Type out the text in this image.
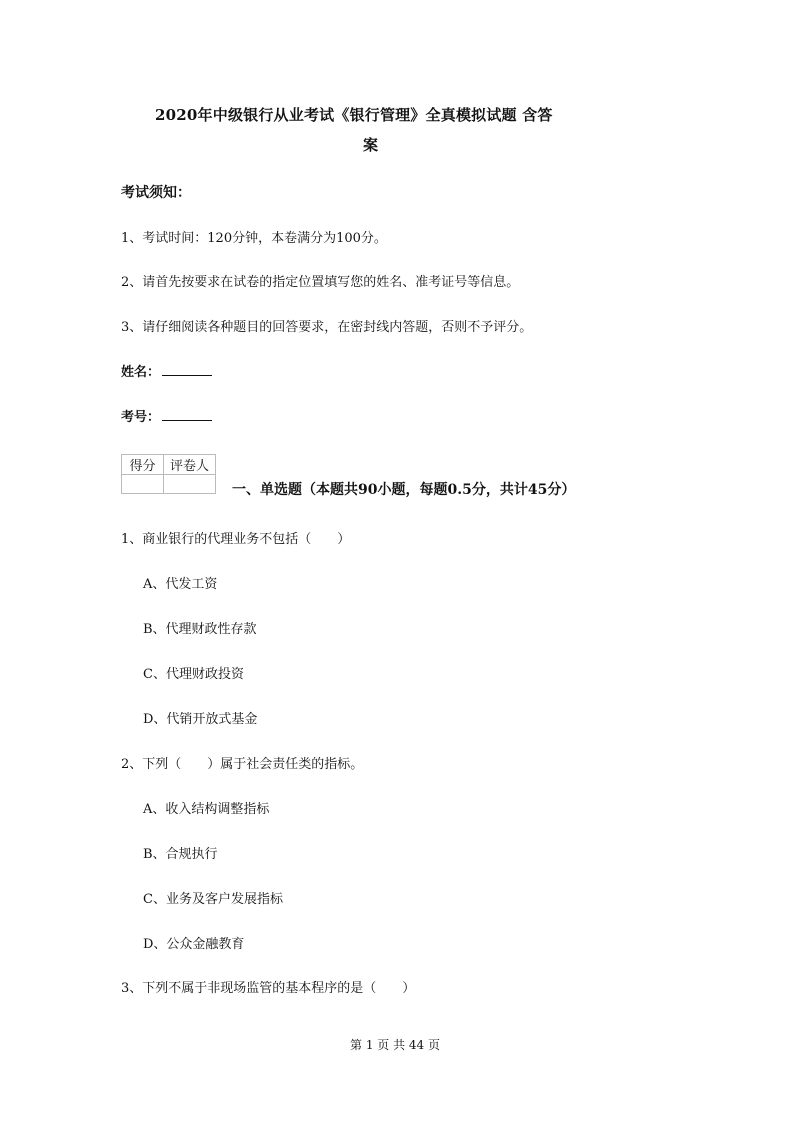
2020年中级银行从业考试《银行管理》全真模拟试题 含答
案
考试须知：
1、考试时间：120分钟，本卷满分为100分。
2、请首先按要求在试卷的指定位置填写您的姓名、准考证号等信息。
3、请仔细阅读各种题目的回答要求，在密封线内答题，否则不予评分。
姓名：
考号：
得分	评卷人

一、单选题（本题共90小题，每题0.5分，共计45分）
1、商业银行的代理业务不包括（　　）
A、代发工资
B、代理财政性存款
C、代理财政投资
D、代销开放式基金
2、下列（　　）属于社会责任类的指标。
A、收入结构调整指标
B、合规执行
C、业务及客户发展指标
D、公众金融教育
3、下列不属于非现场监管的基本程序的是（　　）
第 1 页 共 44 页
